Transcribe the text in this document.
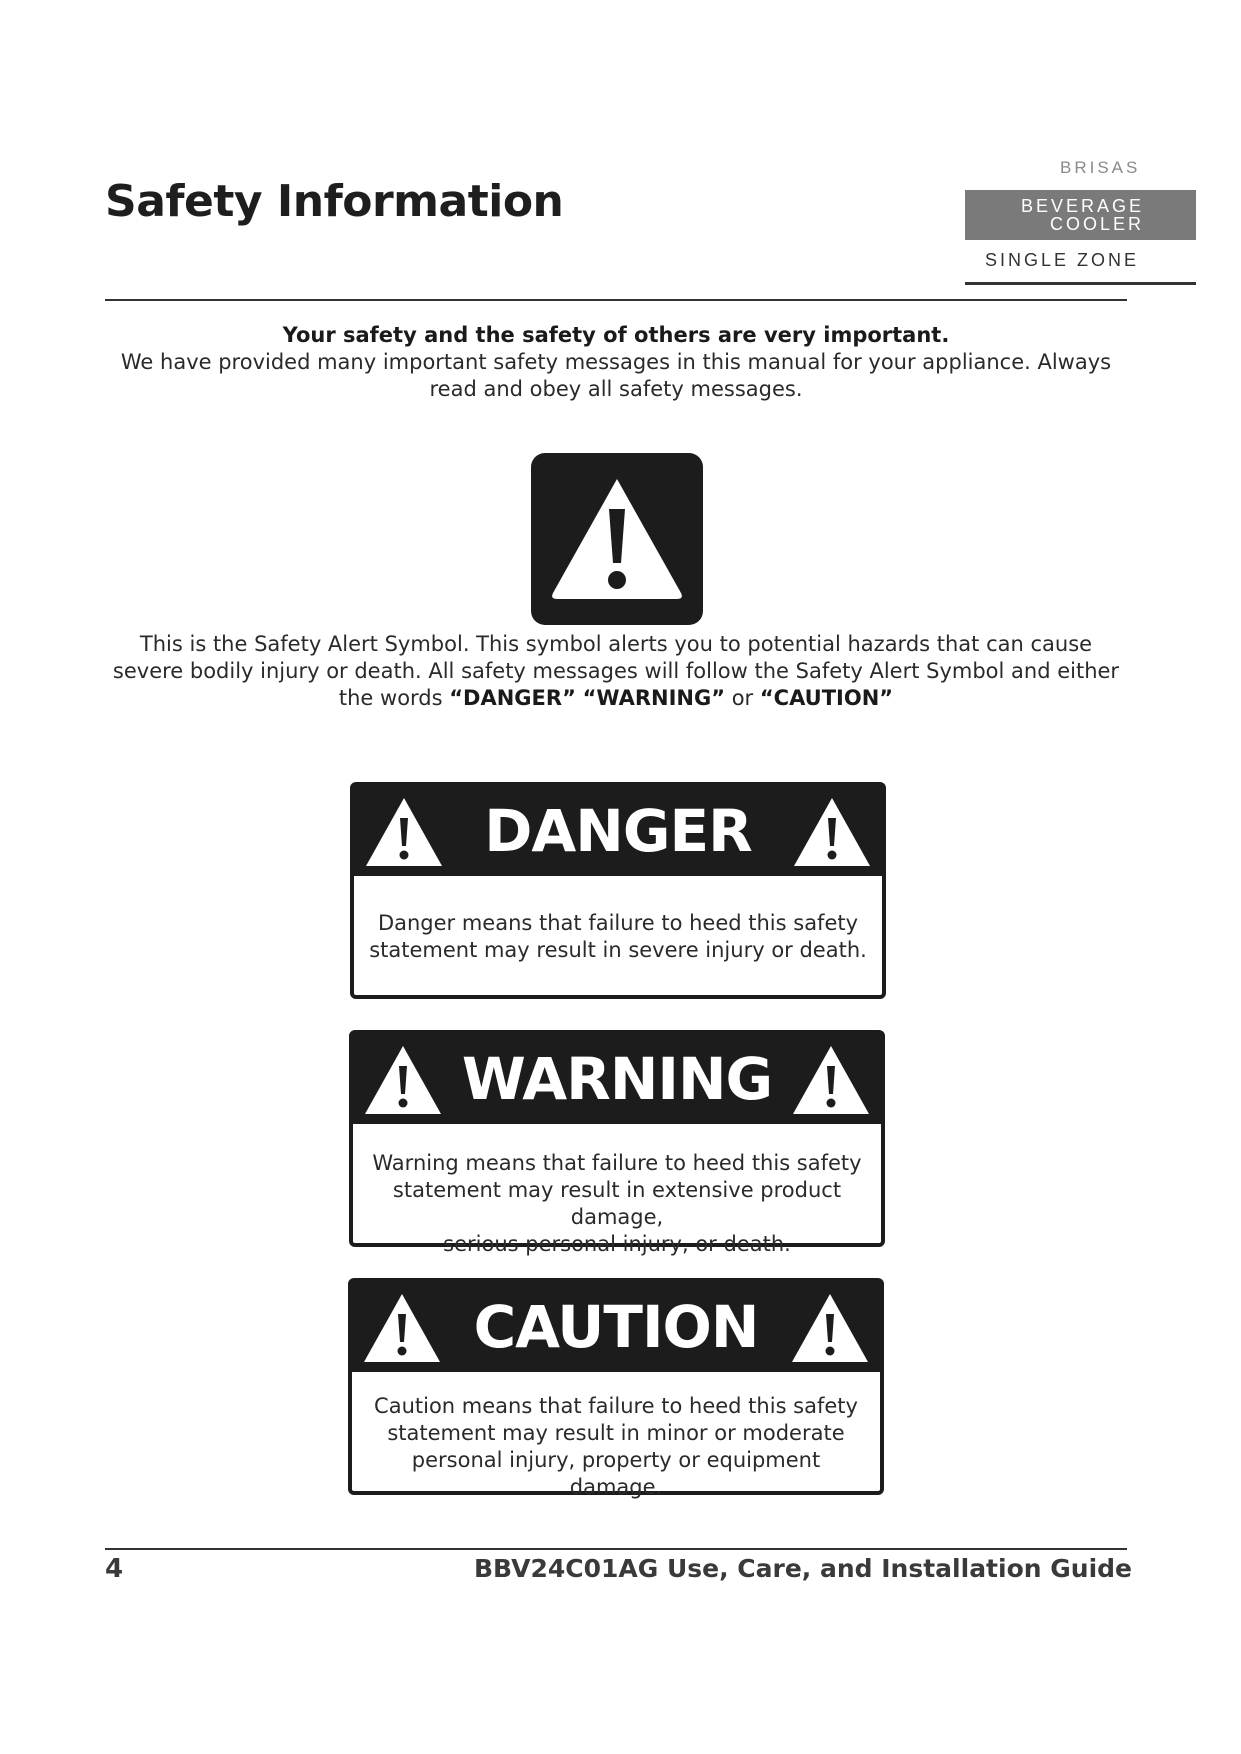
Safety Information
BRISAS
BEVERAGE
COOLER
SINGLE ZONE
Your safety and the safety of others are very important.
We have provided many important safety messages in this manual for your appliance. Always read and obey all safety messages.
This is the Safety Alert Symbol. This symbol alerts you to potential hazards that can cause severe bodily injury or death. All safety messages will follow the Safety Alert Symbol and either the words “DANGER” “WARNING” or “CAUTION”
DANGER
Danger means that failure to heed this safety
statement may result in severe injury or death.
WARNING
Warning means that failure to heed this safety
statement may result in extensive product damage,
serious personal injury, or death.
CAUTION
Caution means that failure to heed this safety
statement may result in minor or moderate
personal injury, property or equipment damage.
4	BBV24C01AG Use, Care, and Installation Guide
